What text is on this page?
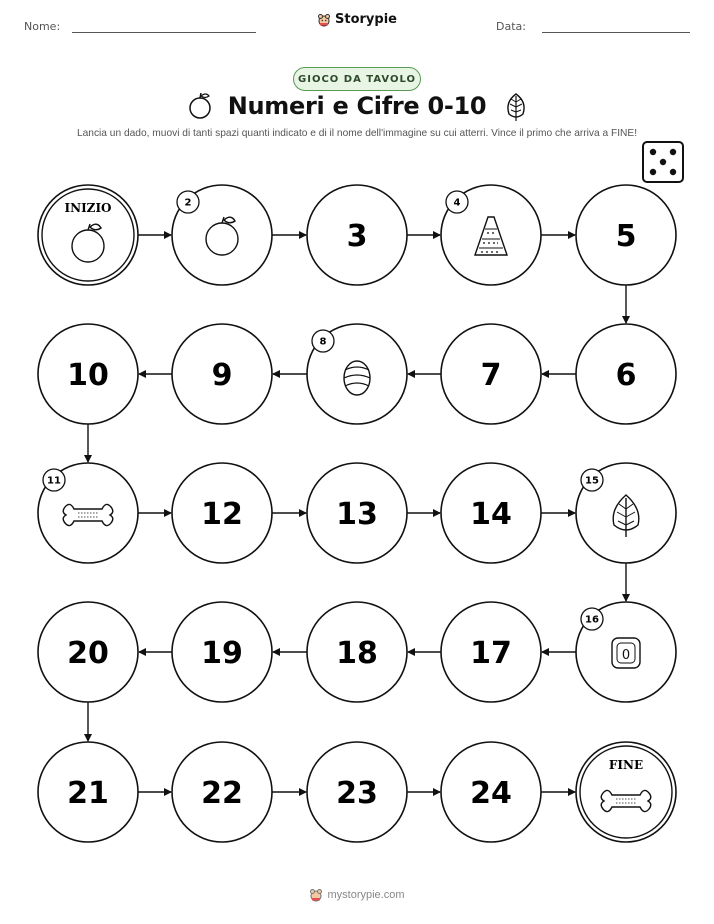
Nome:	Storypie	Data:
GIOCO DA TAVOLO
Numeri e Cifre 0-10
Lancia un dado, muovi di tanti spazi quanti indicato e di il nome dell'immagine su cui atterri. Vince il primo che arriva a FINE!
INIZIO	2
3
4
5
6
7
8
9
10
11
12	13	14
15
0
16
17
18
19
20
21	22	23	24
FINE
mystorypie.com
